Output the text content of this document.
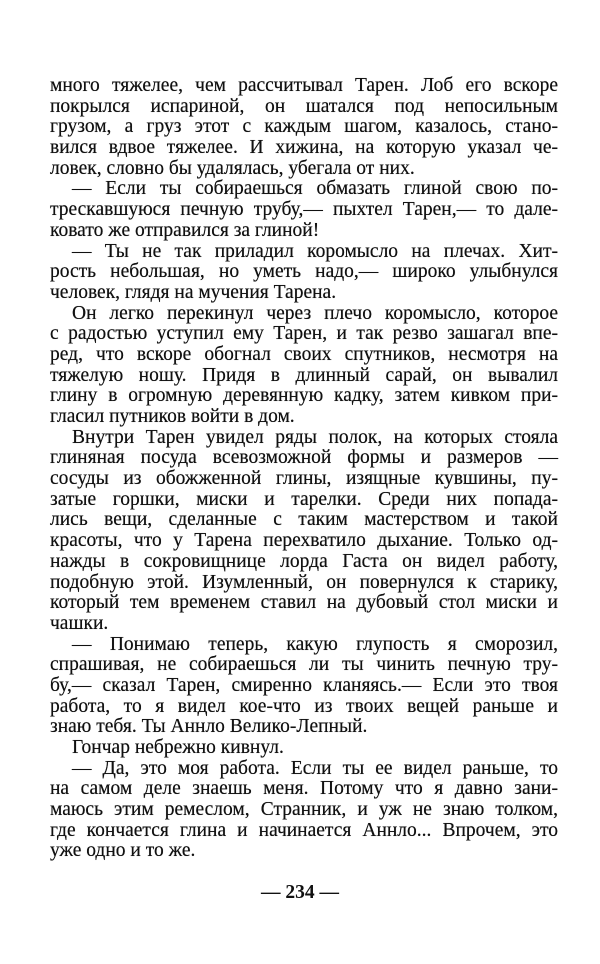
много тяжелее, чем рассчитывал Тарен. Лоб его вскоре
покрылся испариной, он шатался под непосильным
грузом, а груз этот с каждым шагом, казалось, стано-
вился вдвое тяжелее. И хижина, на которую указал че-
ловек, словно бы удалялась, убегала от них.
— Если ты собираешься обмазать глиной свою по-
трескавшуюся печную трубу,— пыхтел Тарен,— то дале-
ковато же отправился за глиной!
— Ты не так приладил коромысло на плечах. Хит-
рость небольшая, но уметь надо,— широко улыбнулся
человек, глядя на мучения Тарена.
Он легко перекинул через плечо коромысло, которое
с радостью уступил ему Тарен, и так резво зашагал впе-
ред, что вскоре обогнал своих спутников, несмотря на
тяжелую ношу. Придя в длинный сарай, он вывалил
глину в огромную деревянную кадку, затем кивком при-
гласил путников войти в дом.
Внутри Тарен увидел ряды полок, на которых стояла
глиняная посуда всевозможной формы и размеров —
сосуды из обожженной глины, изящные кувшины, пу-
затые горшки, миски и тарелки. Среди них попада-
лись вещи, сделанные с таким мастерством и такой
красоты, что у Тарена перехватило дыхание. Только од-
нажды в сокровищнице лорда Гаста он видел работу,
подобную этой. Изумленный, он повернулся к старику,
который тем временем ставил на дубовый стол миски и
чашки.
— Понимаю теперь, какую глупость я сморозил,
спрашивая, не собираешься ли ты чинить печную тру-
бу,— сказал Тарен, смиренно кланяясь.— Если это твоя
работа, то я видел кое-что из твоих вещей раньше и
знаю тебя. Ты Аннло Велико-Лепный.
Гончар небрежно кивнул.
— Да, это моя работа. Если ты ее видел раньше, то
на самом деле знаешь меня. Потому что я давно зани-
маюсь этим ремеслом, Странник, и уж не знаю толком,
где кончается глина и начинается Аннло... Впрочем, это
уже одно и то же.
— 234 —
